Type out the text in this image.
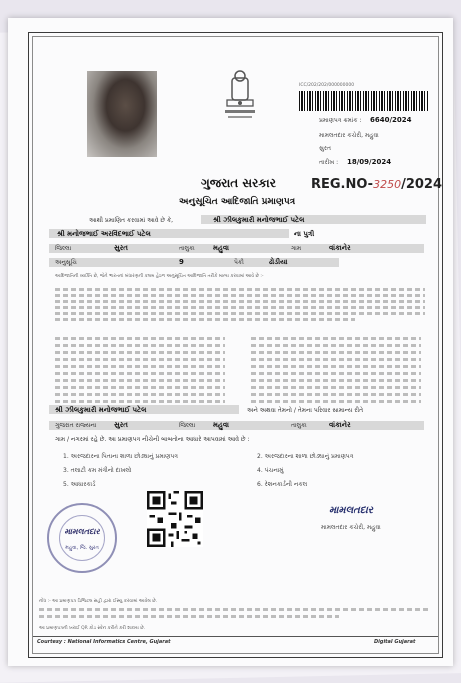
ICC/202/202/000000000
પ્રમાણપત્ર ક્રમાંક : 6640/2024
મામલતદાર કચેરી, મહુવા
સુરત
તારીખ : 18/09/2024
ગુજરાત સરકાર	REG.NO-3250/2024
અનુસૂચિત આદિજાતિ પ્રમાણપત્ર
આથી પ્રમાણિત કરવામાં આવે છે કે,	શ્રી ઝીલકુમારી મનોજભાઈ પટેલ
શ્રી મનોજભાઈ અરવિંદભાઈ પટેલ	ના પુત્રી
જિલ્લા	સુરત	તાલુકા	મહુવા	ગામ	વાંકાનેર
અનુસૂચિ	9	પૈકી	ઢોડીયા
આદિજાતિની વ્યક્તિ છે, જેને ભારતનાં બંધારણની કલમ હેઠળ અનુસૂચિત આદિજાતિ તરીકે માન્ય કરવામાં આવે છે :-
શ્રી ઝીલકુમારી મનોજભાઈ પટેલ	અને અથવા તેમનો / તેમના પરિવાર સામાન્ય રીતે
ગુજરાત રાજ્યના	સુરત	જિલ્લા	મહુવા	તાલુકા	વાંકાનેર
ગામ / નગરમાં રહે છે. આ પ્રમાણપત્ર નીચેની બાબતોના આધારે આપવામાં આવે છે :
1. અરજદારના પિતાના શાળા છોડ્યાનું પ્રમાણપત્ર	2. અરજદારના શાળા છોડ્યાનું પ્રમાણપત્ર
3. તલાટી કમ મંત્રીનો દાખલો	4. પંચનામું
5. આધારકાર્ડ	6. રેશનકાર્ડની નકલ
મામલતદાર
મહુવા, જિ. સુરત
મામલતદાર
મામલતદાર કચેરી, મહુવા
નોંધ :- આ પ્રમાણપત્ર ડિજિટલ સહી દ્વારા ઈસ્યુ કરવામાં આવેલ છે.
આ પ્રમાણપત્રની ખરાઈ QR કોડ સ્કેન કરીને કરી શકાય છે.
Courtesy : National Informatics Centre, Gujarat	Digital Gujarat
